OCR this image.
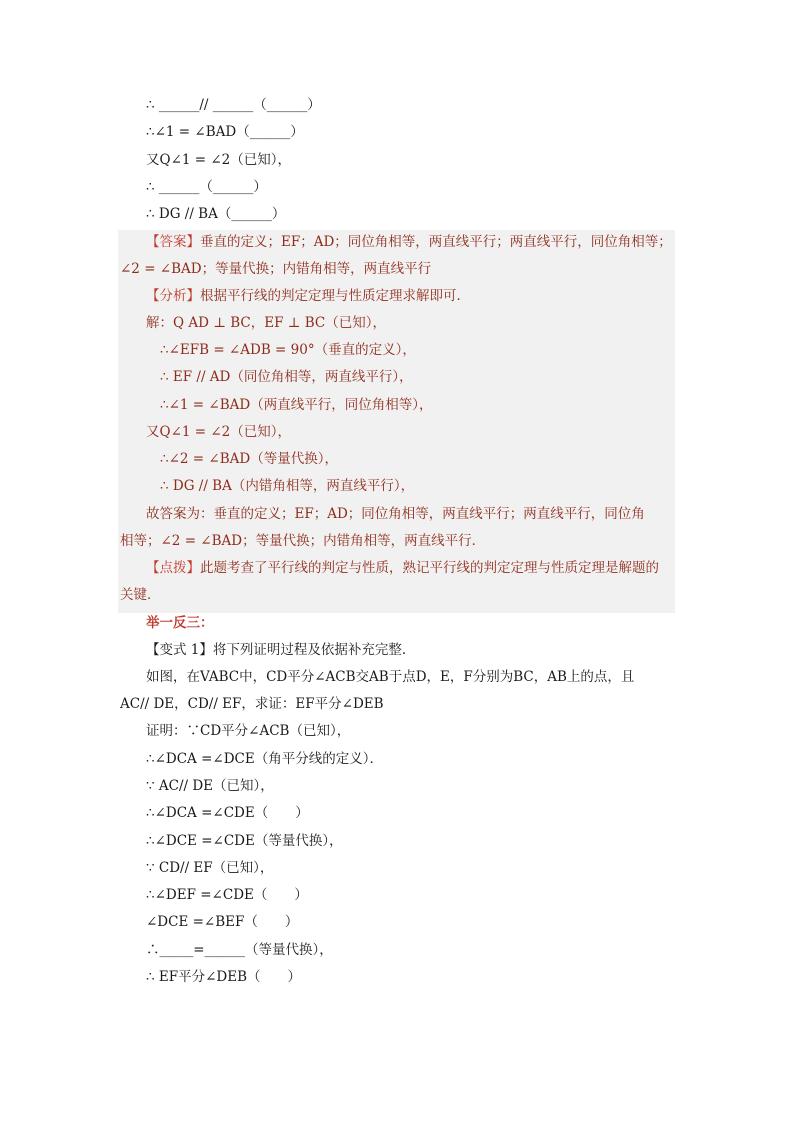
∴ ______// ______（______）
∴∠1 = ∠BAD（______）
又Q∠1 = ∠2（已知），
∴ ______（______）
∴ DG // BA（______）
【答案】垂直的定义；EF；AD；同位角相等，两直线平行；两直线平行，同位角相等；
∠2 = ∠BAD；等量代换；内错角相等，两直线平行
【分析】根据平行线的判定定理与性质定理求解即可．
解：Q AD ⊥ BC，EF ⊥ BC（已知），
∴∠EFB = ∠ADB = 90°（垂直的定义），
∴ EF // AD（同位角相等，两直线平行），
∴∠1 = ∠BAD（两直线平行，同位角相等），
又Q∠1 = ∠2（已知），
∴∠2 = ∠BAD（等量代换），
∴ DG // BA（内错角相等，两直线平行），
故答案为：垂直的定义；EF；AD；同位角相等，两直线平行；两直线平行，同位角
相等；∠2 = ∠BAD；等量代换；内错角相等，两直线平行．
【点拨】此题考查了平行线的判定与性质，熟记平行线的判定定理与性质定理是解题的
关键．
举一反三：
【变式 1】将下列证明过程及依据补充完整．
如图，在VABC中，CD平分∠ACB交AB于点D，E，F分别为BC，AB上的点，且
AC// DE，CD// EF，求证：EF平分∠DEB
证明：∵CD平分∠ACB（已知），
∴∠DCA =∠DCE（角平分线的定义）．
∵ AC// DE（已知），
∴∠DCA =∠CDE（　　）
∴∠DCE =∠CDE（等量代换），
∵ CD// EF（已知），
∴∠DEF =∠CDE（　　）
∠DCE =∠BEF（　　）
∴_____=______（等量代换），
∴ EF平分∠DEB（　　）
